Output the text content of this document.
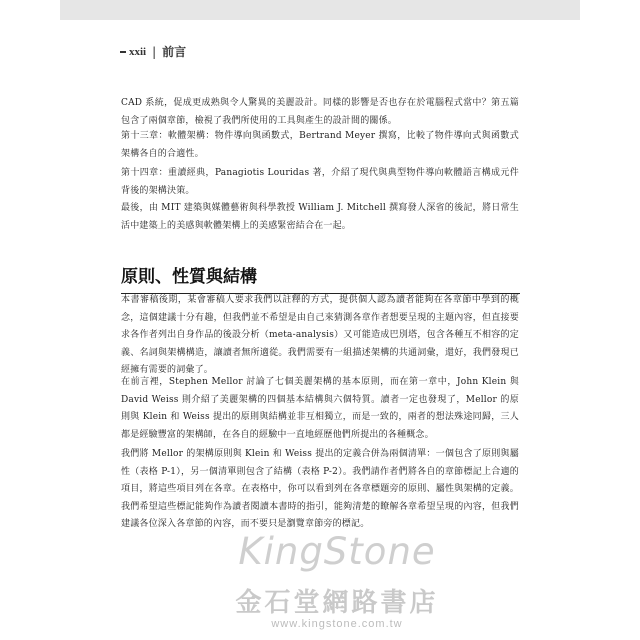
xxii | 前言

CAD 系統，促成更成熟與令人驚異的美麗設計。同樣的影響是否也存在於電腦程式當中？第五篇包含了兩個章節，檢視了我們所使用的工具與產生的設計間的關係。

第十三章：軟體架構：物件導向與函數式，Bertrand Meyer 撰寫，比較了物件導向式與函數式架構各自的合適性。

第十四章：重讀經典，Panagiotis Louridas 著，介紹了現代與典型物件導向軟體語言構成元件背後的架構決策。

最後，由 MIT 建築與媒體藝術與科學教授 William J. Mitchell 撰寫發人深省的後記，將日常生活中建築上的美感與軟體架構上的美感緊密結合在一起。

本書審稿後期，某會審稿人要求我們以註釋的方式，提供個人認為讀者能夠在各章節中學到的概念，這個建議十分有趣，但我們並不希望是由自己來猜測各章作者想要呈現的主題內容，但直接要求各作者列出自身作品的後設分析（meta-analysis）又可能造成巴別塔，包含各種互不相容的定義、名詞與架構構造，讓讀者無所適從。我們需要有一組描述架構的共通詞彙，還好，我們發現已經擁有需要的詞彙了。

在前言裡，Stephen Mellor 討論了七個美麗架構的基本原則，而在第一章中，John Klein 與 David Weiss 則介紹了美麗架構的四個基本結構與六個特質。讀者一定也發現了，Mellor 的原則與 Klein 和 Weiss 提出的原則與結構並非互相獨立，而是一致的，兩者的想法殊途同歸，三人都是經驗豐富的架構師，在各自的經驗中一直地經歷他們所提出的各種概念。

我們將 Mellor 的架構原則與 Klein 和 Weiss 提出的定義合併為兩個清單：一個包含了原則與屬性（表格 P-1），另一個清單則包含了結構（表格 P-2）。我們請作者們將各自的章節標記上合適的項目，將這些項目列在各章。在表格中，你可以看到列在各章標題旁的原則、屬性與架構的定義。我們希望這些標記能夠作為讀者閱讀本書時的指引，能夠清楚的瞭解各章希望呈現的內容，但我們建議各位深入各章節的內容，而不要只是瀏覽章節旁的標記。

原則、性質與結構
KingStone
金石堂網路書店
www.kingstone.com.tw
